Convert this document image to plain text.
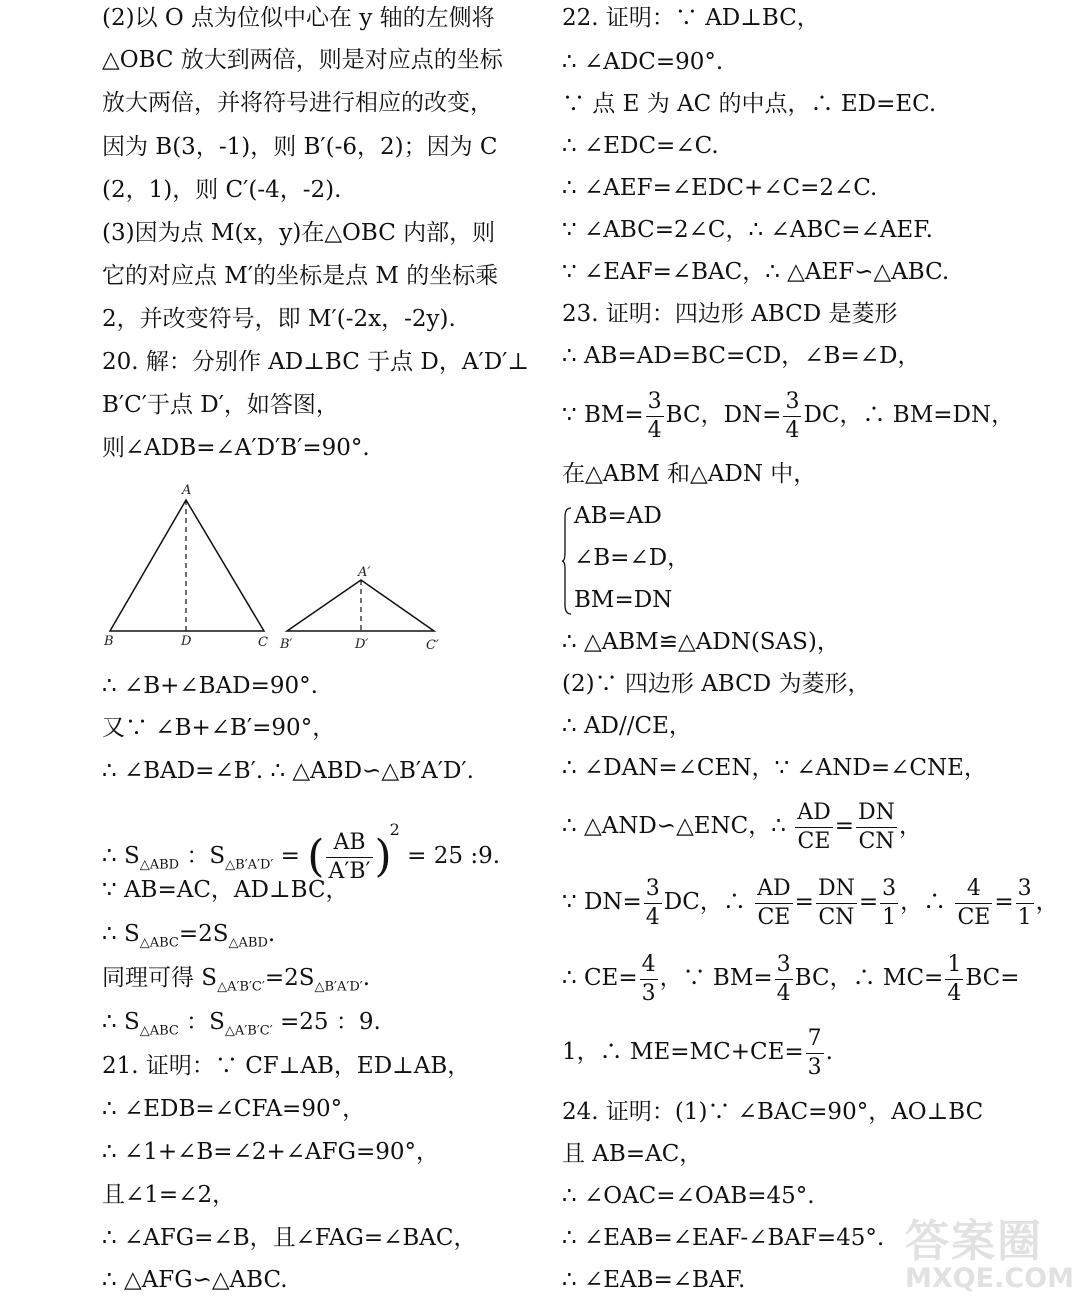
(2)以 O 点为位似中心在 y 轴的左侧将
△OBC 放大到两倍，则是对应点的坐标
放大两倍，并将符号进行相应的改变，
因为 B(3，-1)，则 B′(-6，2)；因为 C
(2，1)，则 C′(-4，-2).
(3)因为点 M(x，y)在△OBC 内部，则
它的对应点 M′的坐标是点 M 的坐标乘
2，并改变符号，即 M′(-2x，-2y).
20. 解：分别作 AD⊥BC 于点 D，A′D′⊥
B′C′于点 D′，如答图，
则∠ADB=∠A′D′B′=90°.
∴ ∠B+∠BAD=90°.
又∵ ∠B+∠B′=90°，
∴ ∠BAD=∠B′. ∴ △ABD∽△B′A′D′.
∴ $S_{\triangle ABD}$ ：$S_{\triangle B'A'D'}$ = ( $\frac{AB}{A'B'} )^2 = 25$ :9.
∵ AB=AC，AD⊥BC，
∴ $S_{\triangle ABC}=2S_{\triangle ABD}$.
同理可得 $S_{\triangle A'B'C'}=2S_{\triangle B'A'D'}$.
∴ $S_{\triangle ABC}$ ：$S_{\triangle A'B'C'} =25$ ：9.
21. 证明：∵ CF⊥AB，ED⊥AB，
∴ ∠EDB=∠CFA=90°，
∴ ∠1+∠B=∠2+∠AFG=90°，
且∠1=∠2，
∴ ∠AFG=∠B，且∠FAG=∠BAC，
∴ △AFG∽△ABC.
A
B	D	C
A′
B′	D′	C′
22. 证明：∵ AD⊥BC，
∴ ∠ADC=90°.
∵ 点 E 为 AC 的中点，∴ ED=EC.
∴ ∠EDC=∠C.
∴ ∠AEF=∠EDC+∠C=2∠C.
∵ ∠ABC=2∠C，∴ ∠ABC=∠AEF.
∵ ∠EAF=∠BAC，∴ △AEF∽△ABC.
23. 证明：四边形 ABCD 是菱形
∴ AB=AD=BC=CD，∠B=∠D，
∵ $BM= \frac{3}{4}$ BC，$DN= \frac{3}{4}$ DC，∴ BM=DN，
在△ABM 和△ADN 中，
AB=AD
∠B=∠D，
BM=DN
∴ △ABM≌△ADN(SAS)，
(2)∵ 四边形 ABCD 为菱形，
∴ AD//CE，
∴ ∠DAN=∠CEN，∵ ∠AND=∠CNE，
∴ △AND∽△ENC，∴ $\frac{AD}{CE} = \frac{DN}{CN}$ ，
∵ $DN= \frac{3}{4}$ DC，∴ $\frac{AD}{CE} = \frac{DN}{CN} = \frac{3}{1}$ ，∴ $\frac{4}{CE} = \frac{3}{1}$ ，
∴ $CE= \frac{4}{3}$ ，∵ $BM= \frac{3}{4}$ BC，∴ $MC= \frac{1}{4} BC=$
1，∴ $ME=MC+CE= \frac{7}{3}$ .
24. 证明：(1)∵ ∠BAC=90°，AO⊥BC
且 AB=AC，
∴ ∠OAC=∠OAB=45°.
∴ ∠EAB=∠EAF-∠BAF=45°.
∴ ∠EAB=∠BAF.
答案圈
MXQE.COM
